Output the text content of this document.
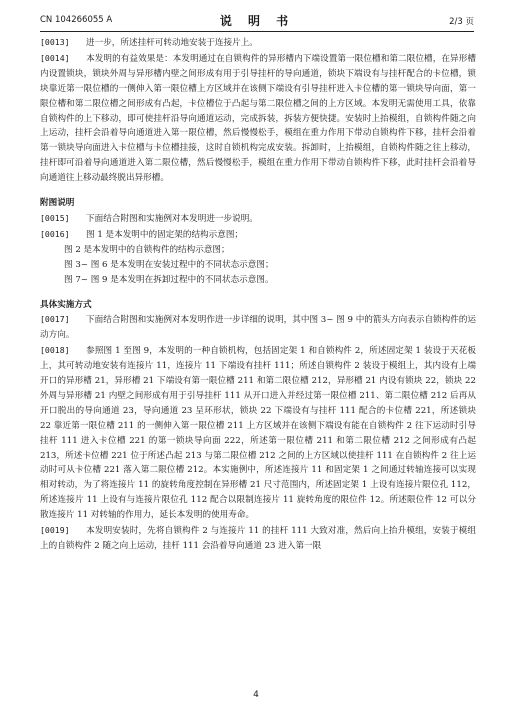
CN 104266055 A	说 明 书	2/3 页

[0013] 进一步，所述挂杆可转动地安装于连接片上。

[0014] 本发明的有益效果是：本发明通过在自锁构件的异形槽内下端设置第一限位槽和第二限位槽，在异形槽内设置锁块，锁块外周与异形槽内壁之间形成有用于引导挂杆的导向通道，锁块下端设有与挂杆配合的卡位槽，锁块靠近第一限位槽的一侧伸入第一限位槽上方区域并在该侧下端设有引导挂杆进入卡位槽的第一锁块导向面，第一限位槽和第二限位槽之间形成有凸起，卡位槽位于凸起与第二限位槽之间的上方区域。本发明无需使用工具，依靠自锁构件的上下移动，即可使挂杆沿导向通道运动，完成拆装，拆装方便快捷。安装时上抬模组，自锁构件随之向上运动，挂杆会沿着导向通道进入第一限位槽，然后慢慢松手，模组在重力作用下带动自锁构件下移，挂杆会沿着第一锁块导向面进入卡位槽与卡位槽挂接，这时自锁机构完成安装。拆卸时，上抬模组，自锁构件随之往上移动，挂杆即可沿着导向通道进入第二限位槽，然后慢慢松手，模组在重力作用下带动自锁构件下移，此时挂杆会沿着导向通道往上移动最终脱出异形槽。

附图说明

[0015] 下面结合附图和实施例对本发明进一步说明。

[0016] 图 1 是本发明中的固定架的结构示意图；

图 2 是本发明中的自锁构件的结构示意图；

图 3~ 图 6 是本发明在安装过程中的不同状态示意图；

图 7~ 图 9 是本发明在拆卸过程中的不同状态示意图。

具体实施方式

[0017] 下面结合附图和实施例对本发明作进一步详细的说明，其中图 3~ 图 9 中的箭头方向表示自锁构件的运动方向。

[0018] 参照图 1 至图 9，本发明的一种自锁机构，包括固定架 1 和自锁构件 2，所述固定架 1 装设于天花板上，其可转动地安装有连接片 11，连接片 11 下端设有挂杆 111；所述自锁构件 2 装设于模组上，其内设有上端开口的异形槽 21，异形槽 21 下端设有第一限位槽 211 和第二限位槽 212，异形槽 21 内设有锁块 22，锁块 22 外周与异形槽 21 内壁之间形成有用于引导挂杆 111 从开口进入并经过第一限位槽 211、第二限位槽 212 后再从开口脱出的导向通道 23，导向通道 23 呈环形状，锁块 22 下端设有与挂杆 111 配合的卡位槽 221，所述锁块 22 靠近第一限位槽 211 的一侧伸入第一限位槽 211 上方区域并在该侧下端设有能在自锁构件 2 往下运动时引导挂杆 111 进入卡位槽 221 的第一锁块导向面 222，所述第一限位槽 211 和第二限位槽 212 之间形成有凸起 213，所述卡位槽 221 位于所述凸起 213 与第二限位槽 212 之间的上方区域以使挂杆 111 在自锁构件 2 往上运动时可从卡位槽 221 落入第二限位槽 212。本实施例中，所述连接片 11 和固定架 1 之间通过转轴连接可以实现相对转动，为了将连接片 11 的旋转角度控制在异形槽 21 尺寸范围内，所述固定架 1 上设有连接片限位孔 112，所述连接片 11 上设有与连接片限位孔 112 配合以限制连接片 11 旋转角度的限位件 12。所述限位件 12 可以分散连接片 11 对转轴的作用力，延长本发明的使用寿命。

[0019] 本发明安装时，先将自锁构件 2 与连接片 11 的挂杆 111 大致对准，然后向上抬升模组，安装于模组上的自锁构件 2 随之向上运动，挂杆 111 会沿着导向通道 23 进入第一限

4
